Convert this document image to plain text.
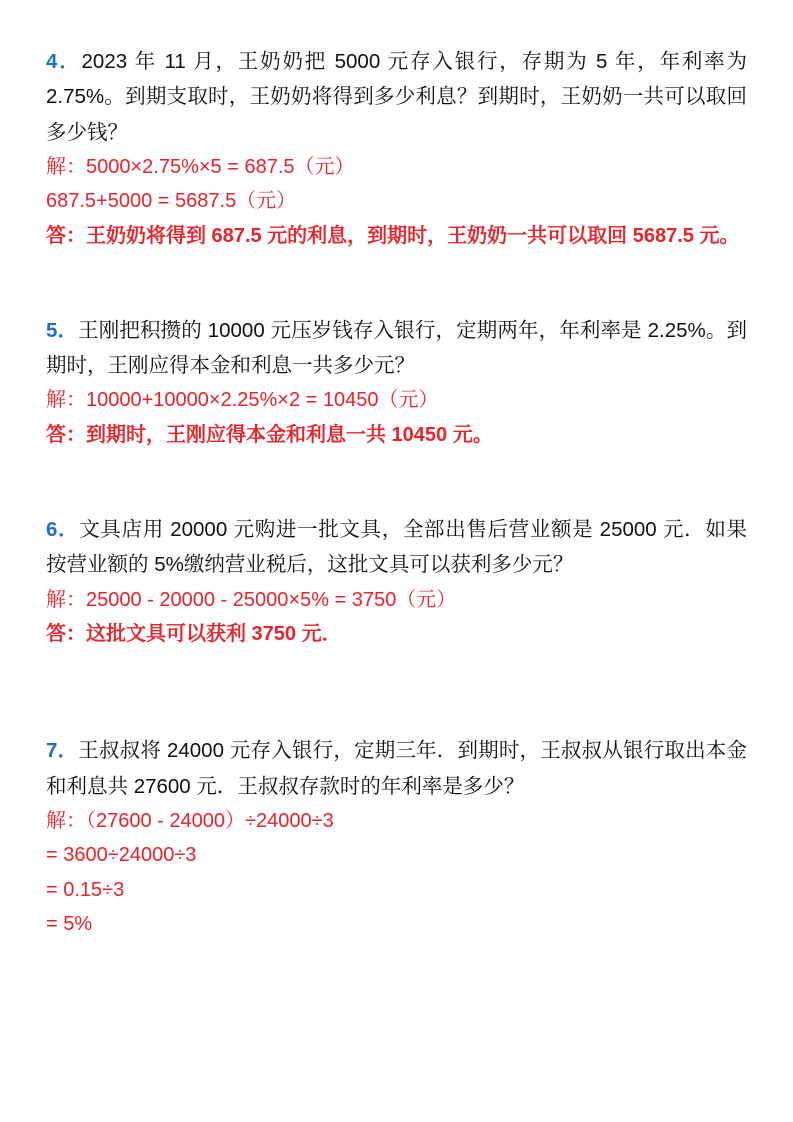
4．2023 年 11 月，王奶奶把 5000 元存入银行，存期为 5 年，年利率为 2.75%。到期支取时，王奶奶将得到多少利息？到期时，王奶奶一共可以取回多少钱？
解：5000×2.75%×5 = 687.5（元）
687.5+5000 = 5687.5（元）
答：王奶奶将得到 687.5 元的利息，到期时，王奶奶一共可以取回 5687.5 元。
5．王刚把积攒的 10000 元压岁钱存入银行，定期两年，年利率是 2.25%。到期时，王刚应得本金和利息一共多少元？
解：10000+10000×2.25%×2 = 10450（元）
答：到期时，王刚应得本金和利息一共 10450 元。
6．文具店用 20000 元购进一批文具，全部出售后营业额是 25000 元．如果按营业额的 5%缴纳营业税后，这批文具可以获利多少元？
解：25000 - 20000 - 25000×5% = 3750（元）
答：这批文具可以获利 3750 元．
7．王叔叔将 24000 元存入银行，定期三年．到期时，王叔叔从银行取出本金和利息共 27600 元．王叔叔存款时的年利率是多少？
解：（27600 - 24000）÷24000÷3
= 3600÷24000÷3
= 0.15÷3
= 5%
